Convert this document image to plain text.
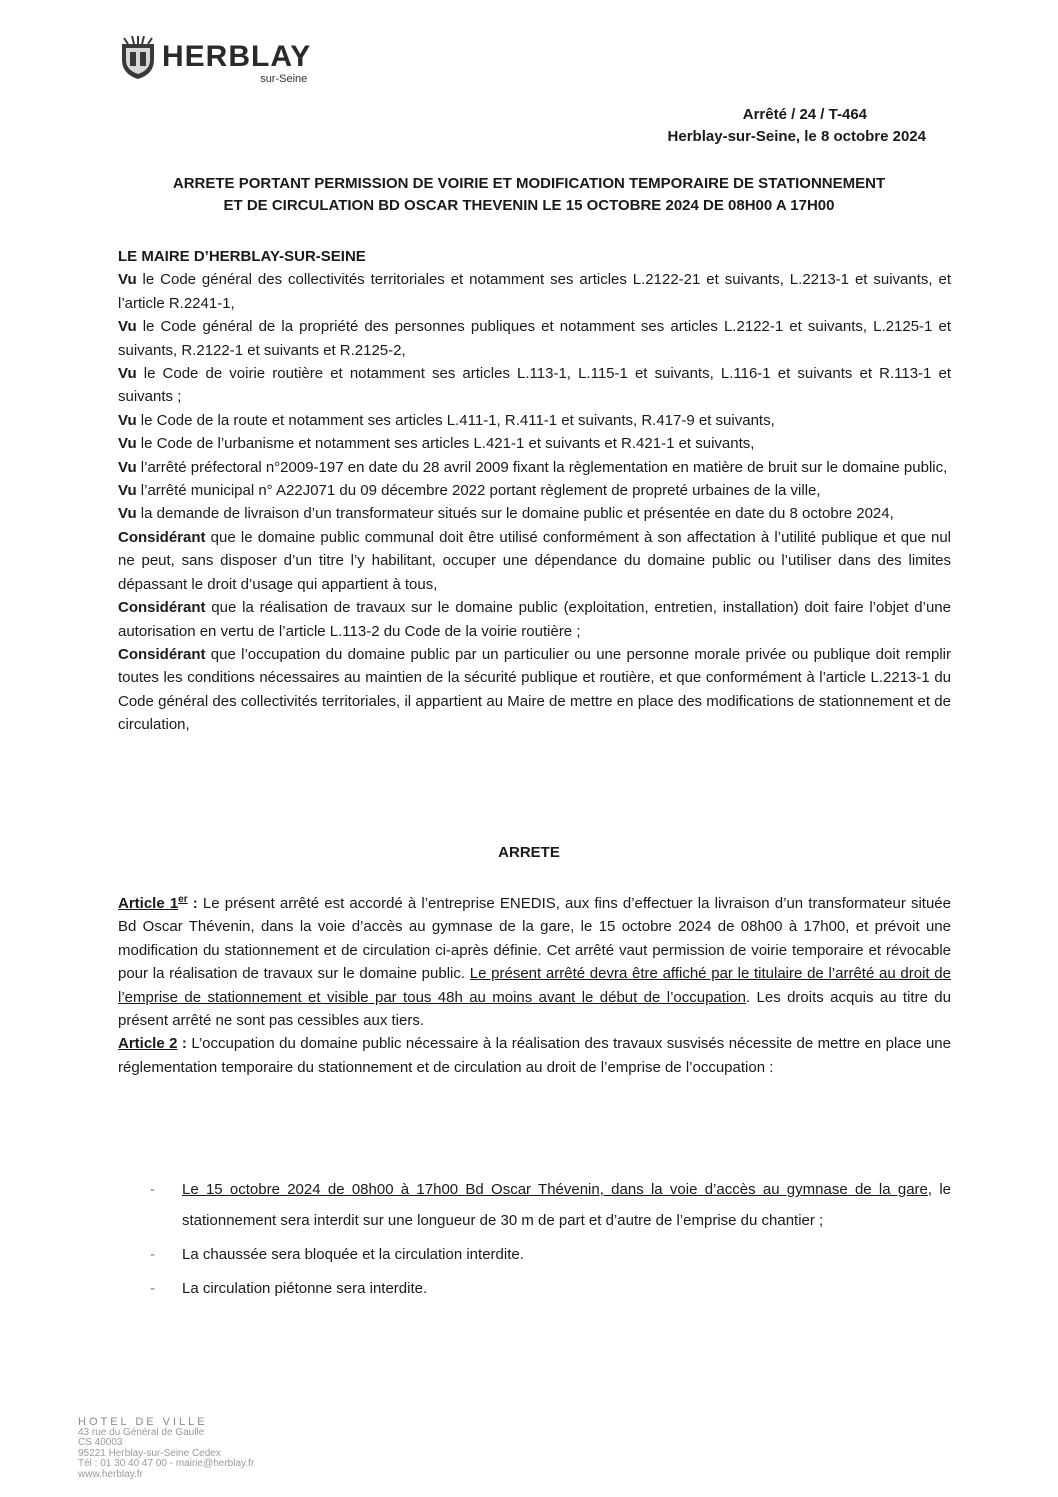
HERBLAY
sur-Seine
Arrêté / 24 / T-464
Herblay-sur-Seine, le 8 octobre 2024
ARRETE PORTANT PERMISSION DE VOIRIE ET MODIFICATION TEMPORAIRE DE STATIONNEMENT
ET DE CIRCULATION BD OSCAR THEVENIN LE 15 OCTOBRE 2024 DE 08H00 A 17H00

LE MAIRE D’HERBLAY-SUR-SEINE

Vu le Code général des collectivités territoriales et notamment ses articles L.2122-21 et suivants, L.2213-1 et suivants, et l’article R.2241-1,

Vu le Code général de la propriété des personnes publiques et notamment ses articles L.2122-1 et suivants, L.2125-1 et suivants, R.2122-1 et suivants et R.2125-2,

Vu le Code de voirie routière et notamment ses articles L.113-1, L.115-1 et suivants, L.116-1 et suivants et R.113-1 et suivants ;

Vu le Code de la route et notamment ses articles L.411-1, R.411-1 et suivants, R.417-9 et suivants,

Vu le Code de l’urbanisme et notamment ses articles L.421-1 et suivants et R.421-1 et suivants,

Vu l’arrêté préfectoral n°2009-197 en date du 28 avril 2009 fixant la règlementation en matière de bruit sur le domaine public,

Vu l’arrêté municipal n° A22J071 du 09 décembre 2022 portant règlement de propreté urbaines de la ville,

Vu la demande de livraison d’un transformateur situés sur le domaine public et présentée en date du 8 octobre 2024,

Considérant que le domaine public communal doit être utilisé conformément à son affectation à l’utilité publique et que nul ne peut, sans disposer d’un titre l’y habilitant, occuper une dépendance du domaine public ou l’utiliser dans des limites dépassant le droit d’usage qui appartient à tous,

Considérant que la réalisation de travaux sur le domaine public (exploitation, entretien, installation) doit faire l’objet d’une autorisation en vertu de l’article L.113-2 du Code de la voirie routière ;

Considérant que l’occupation du domaine public par un particulier ou une personne morale privée ou publique doit remplir toutes les conditions nécessaires au maintien de la sécurité publique et routière, et que conformément à l’article L.2213-1 du Code général des collectivités territoriales, il appartient au Maire de mettre en place des modifications de stationnement et de circulation,

ARRETE

Article 1er : Le présent arrêté est accordé à l’entreprise ENEDIS, aux fins d’effectuer la livraison d’un transformateur située Bd Oscar Thévenin, dans la voie d’accès au gymnase de la gare, le 15 octobre 2024 de 08h00 à 17h00, et prévoit une modification du stationnement et de circulation ci-après définie. Cet arrêté vaut permission de voirie temporaire et révocable pour la réalisation de travaux sur le domaine public. Le présent arrêté devra être affiché par le titulaire de l’arrêté au droit de l’emprise de stationnement et visible par tous 48h au moins avant le début de l’occupation. Les droits acquis au titre du présent arrêté ne sont pas cessibles aux tiers.

Article 2 : L’occupation du domaine public nécessaire à la réalisation des travaux susvisés nécessite de mettre en place une réglementation temporaire du stationnement et de circulation au droit de l’emprise de l’occupation :

- Le 15 octobre 2024 de 08h00 à 17h00 Bd Oscar Thévenin, dans la voie d’accès au gymnase de la gare, le stationnement sera interdit sur une longueur de 30 m de part et d’autre de l’emprise du chantier ;
- La chaussée sera bloquée et la circulation interdite.
- La circulation piétonne sera interdite.
HOTEL DE VILLE
43 rue du Général de Gaulle
CS 40003
95221 Herblay-sur-Seine Cedex
Tél : 01 30 40 47 00 - mairie@herblay.fr
www.herblay.fr
